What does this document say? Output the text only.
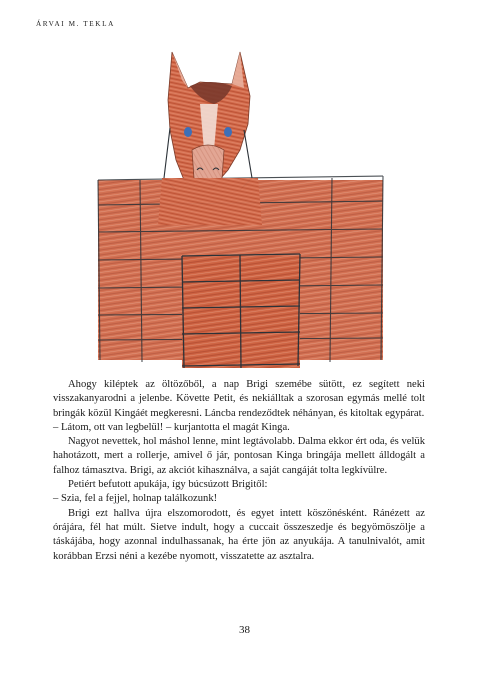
ÁRVAI M. TEKLA

Ahogy kiléptek az öltözőből, a nap Brigi szemébe sütött, ez segített neki visszakanyarodni a jelenbe. Követte Petit, és nekiálltak a szorosan egymás mellé tolt bringák közül Kingáét megkeresni. Láncba rendeződtek néhányan, és kitoltak egypárat.

– Látom, ott van legbelül! – kurjantotta el magát Kinga.

Nagyot nevettek, hol máshol lenne, mint legtávolabb. Dalma ekkor ért oda, és velük hahotázott, mert a rollerje, amivel ő jár, pontosan Kinga bringája mellett álldogált a falhoz támasztva. Brigi, az akciót kihasználva, a saját cangáját tolta legkívülre.

Petiért befutott apukája, így búcsúzott Brigitől:

– Szia, fel a fejjel, holnap találkozunk!

Brigi ezt hallva újra elszomorodott, és egyet intett köszönésként. Ránézett az órájára, fél hat múlt. Sietve indult, hogy a cuccait összeszedje és begyömöszölje a táskájába, hogy azonnal indulhassanak, ha érte jön az anyukája. A tanulnivalót, amit korábban Erzsi néni a kezébe nyomott, visszatette az asztalra.

38
